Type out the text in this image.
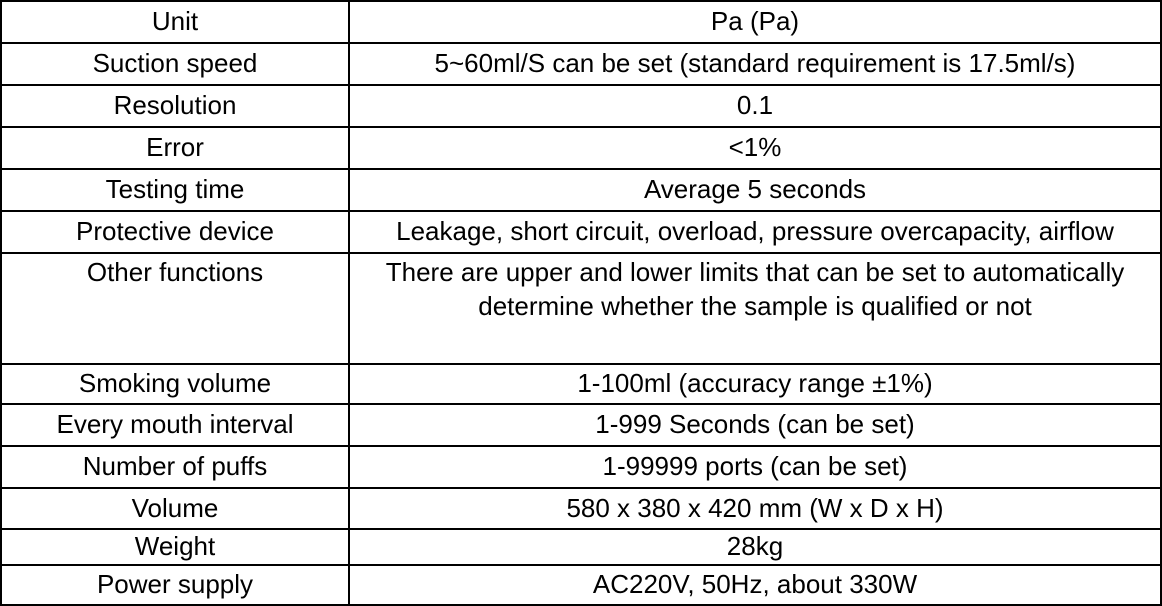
Unit	Pa (Pa)
Suction speed	5~60ml/S can be set (standard requirement is 17.5ml/s)
Resolution	0.1
Error	<1%
Testing time	Average 5 seconds
Protective device	Leakage, short circuit, overload, pressure overcapacity, airflow
Other functions	There are upper and lower limits that can be set to automatically determine whether the sample is qualified or not
Smoking volume	1-100ml (accuracy range ±1%)
Every mouth interval	1-999 Seconds (can be set)
Number of puffs	1-99999 ports (can be set)
Volume	580 x 380 x 420 mm (W x D x H)
Weight	28kg
Power supply	AC220V, 50Hz, about 330W
